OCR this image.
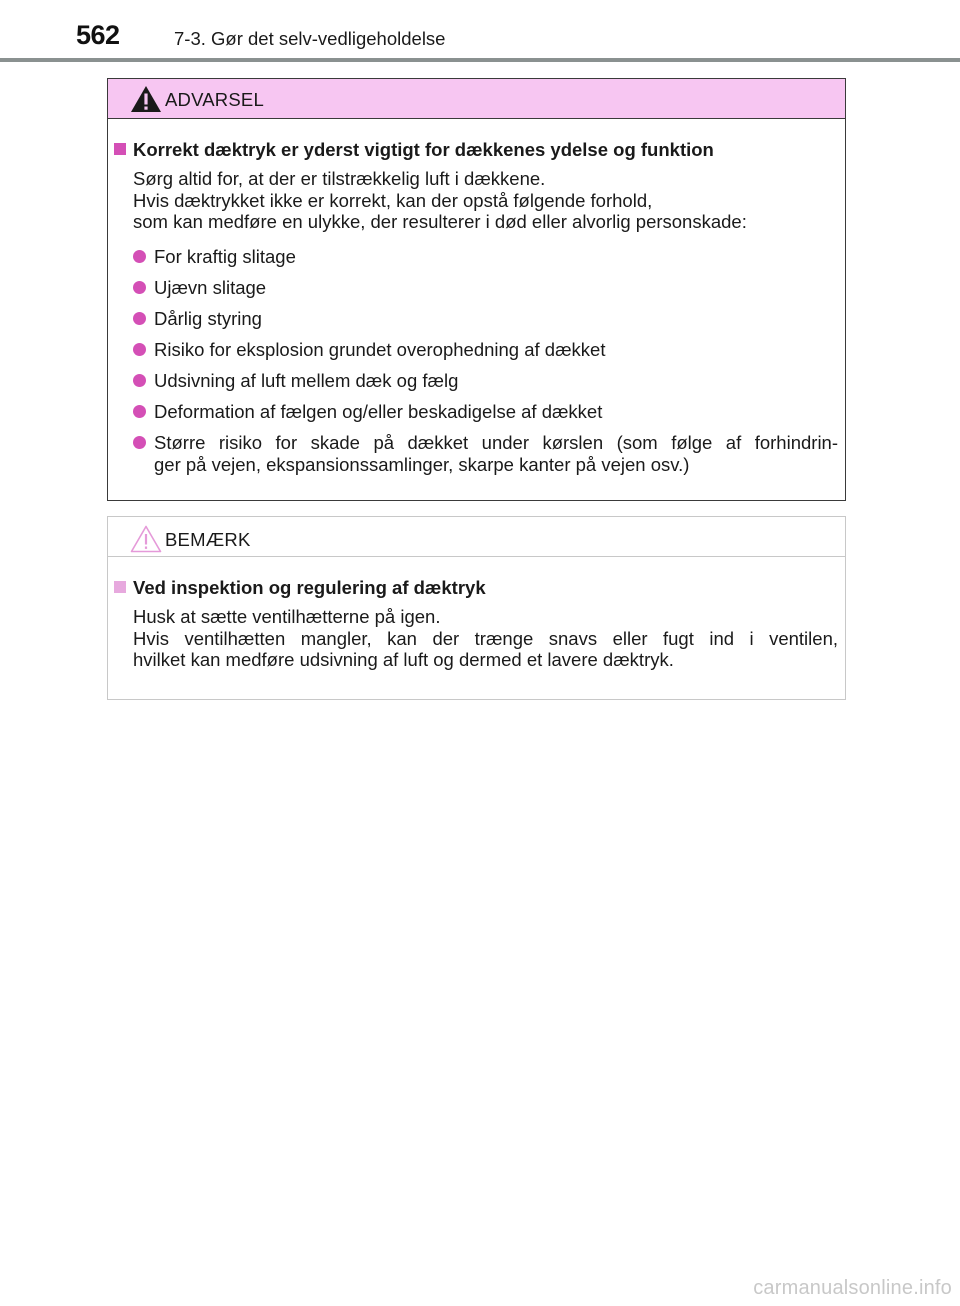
562	7-3. Gør det selv-vedligeholdelse
ADVARSEL
Korrekt dæktryk er yderst vigtigt for dækkenes ydelse og funktion
Sørg altid for, at der er tilstrækkelig luft i dækkene.
Hvis dæktrykket ikke er korrekt, kan der opstå følgende forhold,
som kan medføre en ulykke, der resulterer i død eller alvorlig personskade:
For kraftig slitage
Ujævn slitage
Dårlig styring
Risiko for eksplosion grundet overophedning af dækket
Udsivning af luft mellem dæk og fælg
Deformation af fælgen og/eller beskadigelse af dækket
Større risiko for skade på dækket under kørslen (som følge af forhindrin-
ger på vejen, ekspansionssamlinger, skarpe kanter på vejen osv.)
BEMÆRK
Ved inspektion og regulering af dæktryk
Husk at sætte ventilhætterne på igen.
Hvis ventilhætten mangler, kan der trænge snavs eller fugt ind i ventilen,
hvilket kan medføre udsivning af luft og dermed et lavere dæktryk.
carmanualsonline.info
